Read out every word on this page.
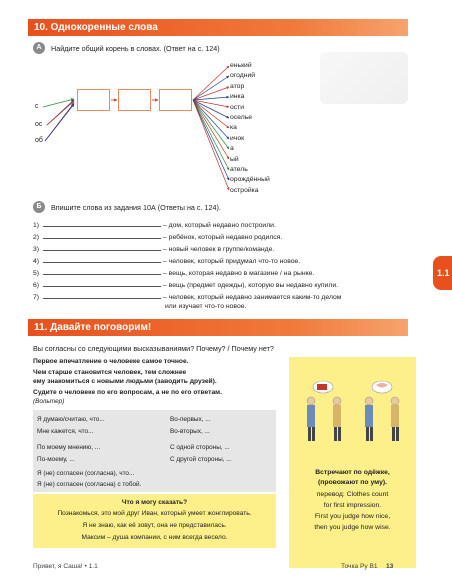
10. Однокоренные слова
А	Найдите общий корень в словах. (Ответ на с. 124)
с
ос
об
енький
огодний
атор
инка
ости
оселье
ка
ичок
а
ый
атель
орождённый
остройка
Б	Впишите слова из задания 10А (Ответы на с. 124).
1)	– дом, который недавно построили.
2)	– ребёнок, который недавно родился.
3)	– новый человек в группе/команде.
4)	– человек, который придумал что-то новое.
5)	– вещь, которая недавно в магазине / на рынке.
6)	– вещь (предмет одежды), которую вы недавно купили.
7)	– человек, который недавно занимается каким-то делом
или изучает что-то новое.
1.1
11. Давайте поговорим!
Вы согласны со следующими высказываниями? Почему? / Почему нет?
Первое впечатление о человеке самое точное.
Чем старше становится человек, тем сложнее
ему знакомиться с новыми людьми (заводить друзей).
Судите о человеке по его вопросам, а не по его ответам.
(Вольтер)
Я думаю/считаю, что...
Мне кажется, что...
По моему мнению, ...
По-моему, ...
Я (не) согласен (согласна), что...
Я (не) согласен (согласна) с тобой.
Во-первых, ...
Во-вторых, ...
С одной стороны, ...
С другой стороны, ...
Что я могу сказать?
Познакомься, это мой друг Иван, который умеет жонглировать.
Я не знаю, как её зовут, она не представилась.
Максим – душа компании, с ним всегда весело.
Встречают по одёжке,
(провожают по уму).
перевод: Clothes count
for first impression.
First you judge how nice,
then you judge how wise.
Привет, я Саша! • 1.1	Точка Ру В1 13
